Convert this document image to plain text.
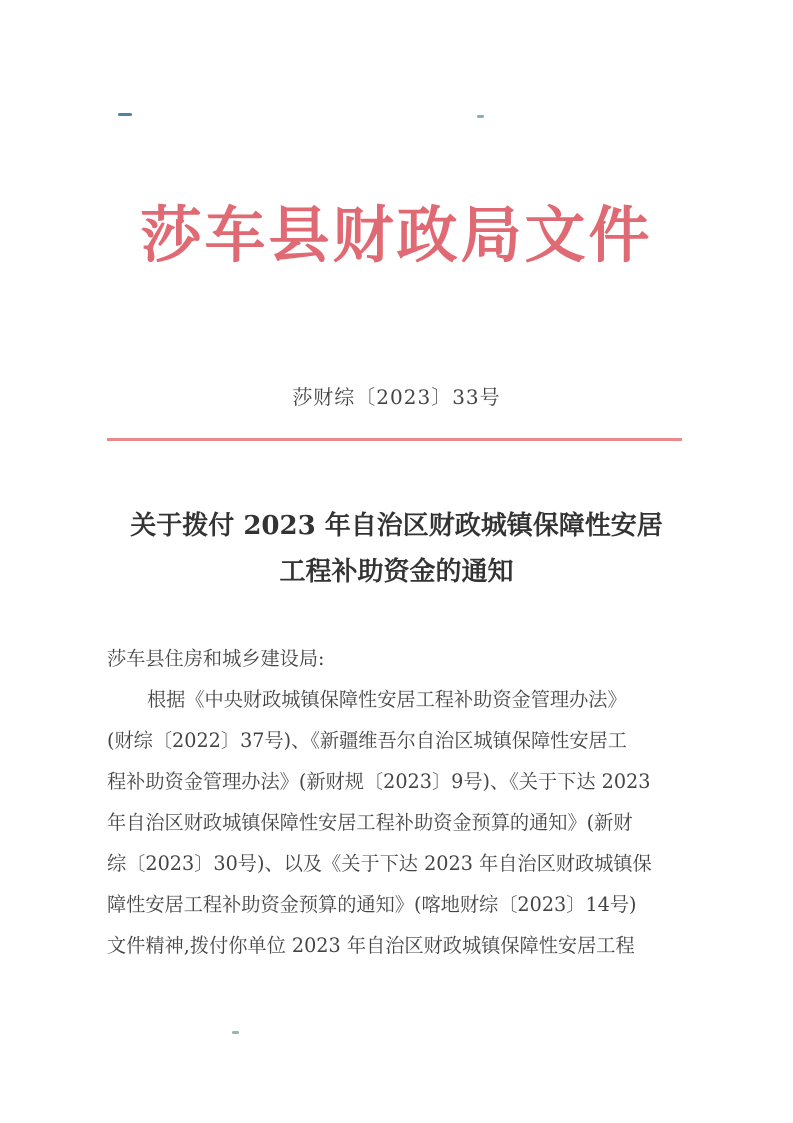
莎车县财政局文件
莎财综〔2023〕33号
关于拨付 2023 年自治区财政城镇保障性安居
工程补助资金的通知
莎车县住房和城乡建设局:
根据《中央财政城镇保障性安居工程补助资金管理办法》
(财综〔2022〕37号)、《新疆维吾尔自治区城镇保障性安居工
程补助资金管理办法》(新财规〔2023〕9号)、《关于下达 2023
年自治区财政城镇保障性安居工程补助资金预算的通知》(新财
综〔2023〕30号)、以及《关于下达 2023 年自治区财政城镇保
障性安居工程补助资金预算的通知》(喀地财综〔2023〕14号)
文件精神,拨付你单位 2023 年自治区财政城镇保障性安居工程
